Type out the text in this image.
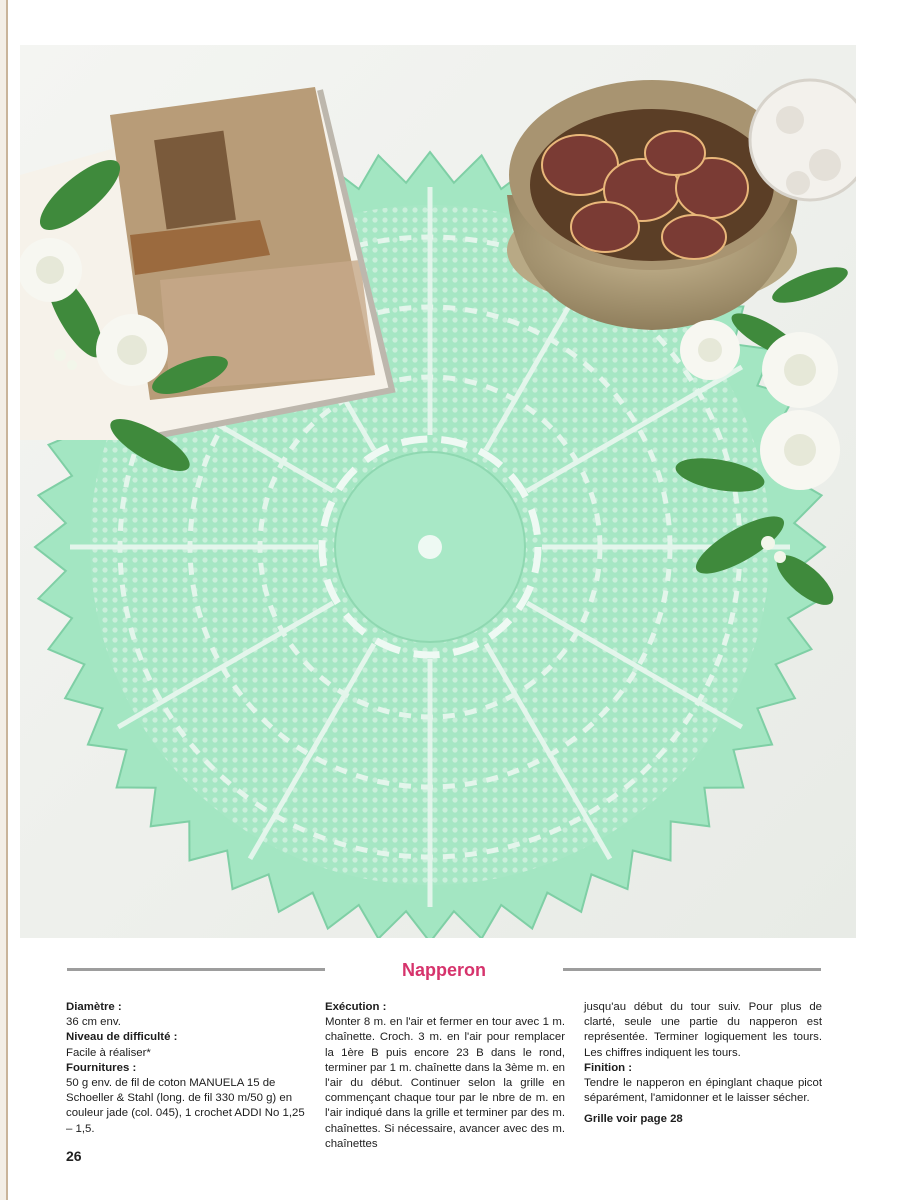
Napperon
Diamètre :
36 cm env.
Niveau de difficulté :
Facile à réaliser*
Fournitures :
50 g env. de fil de coton MANUELA 15 de Schoeller & Stahl (long. de fil 330 m/50 g) en couleur jade (col. 045), 1 crochet ADDI No 1,25 – 1,5.
Exécution :
Monter 8 m. en l'air et fermer en tour avec 1 m. chaînette. Croch. 3 m. en l'air pour remplacer la 1ère B puis encore 23 B dans le rond, terminer par 1 m. chaînette dans la 3ème m. en l'air du début. Continuer selon la grille en commençant chaque tour par le nbre de m. en l'air indiqué dans la grille et terminer par des m. chaînettes. Si nécessaire, avancer avec des m. chaînettes
jusqu'au début du tour suiv. Pour plus de clarté, seule une partie du napperon est représentée. Terminer logiquement les tours. Les chiffres indiquent les tours.
Finition :
Tendre le napperon en épinglant chaque picot séparément, l'amidonner et le laisser sécher.
Grille voir page 28
26
